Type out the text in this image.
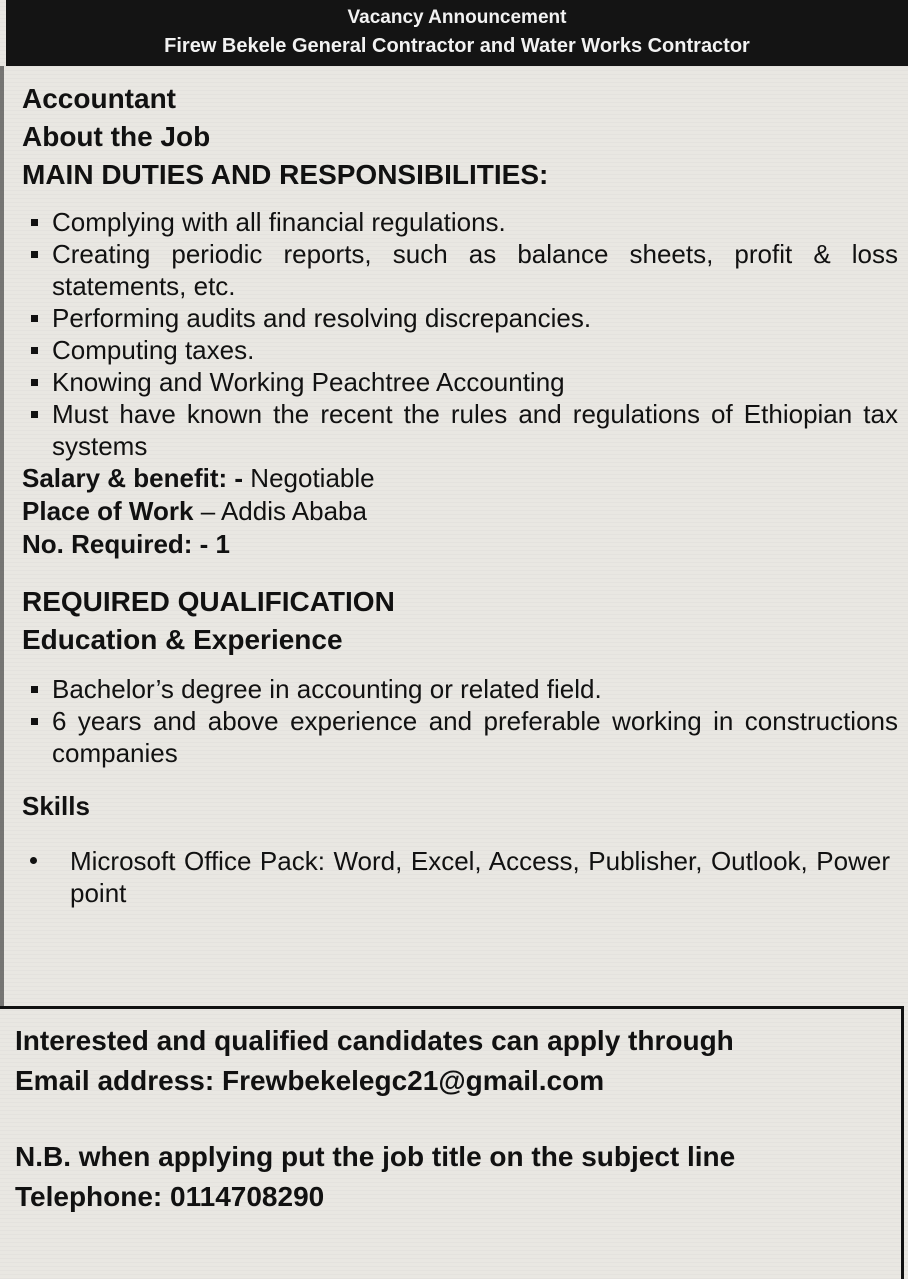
Vacancy Announcement
Firew Bekele General Contractor and Water Works Contractor
Accountant
About the Job
MAIN DUTIES AND RESPONSIBILITIES:
Complying with all financial regulations.
Creating periodic reports, such as balance sheets, profit & loss statements, etc.
Performing audits and resolving discrepancies.
Computing taxes.
Knowing and Working Peachtree Accounting
Must have known the recent the rules and regulations of Ethiopian tax systems
Salary & benefit: - Negotiable
Place of Work – Addis Ababa
No. Required: - 1
REQUIRED QUALIFICATION
Education & Experience
Bachelor’s degree in accounting or related field.
6 years and above experience and preferable working in constructions companies
Skills
Microsoft Office Pack: Word, Excel, Access, Publisher, Outlook, Power point
Interested and qualified candidates can apply through
Email address: Frewbekelegc21@gmail.com
N.B. when applying put the job title on the subject line
Telephone: 0114708290
